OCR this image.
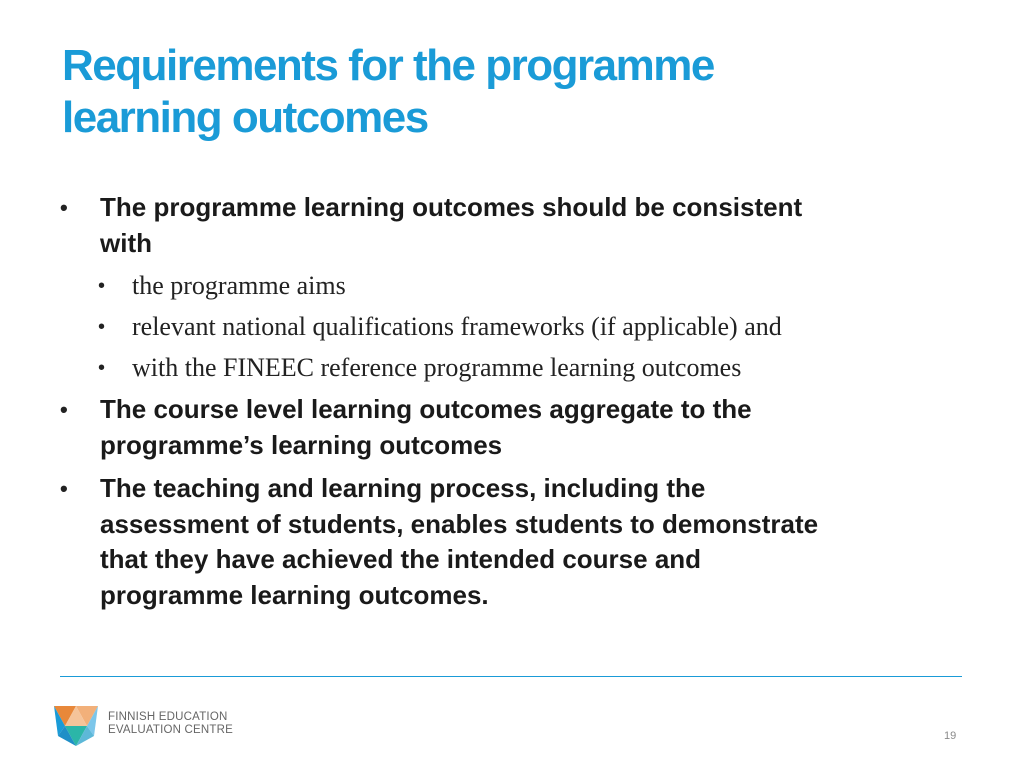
Requirements for the programme
learning outcomes
• The programme learning outcomes should be consistent
with
• the programme aims
• relevant national qualifications frameworks (if applicable) and
• with the FINEEC reference programme learning outcomes
• The course level learning outcomes aggregate to the
programme’s learning outcomes
• The teaching and learning process, including the
assessment of students, enables students to demonstrate
that they have achieved the intended course and
programme learning outcomes.
FINNISH EDUCATION
EVALUATION CENTRE	19
